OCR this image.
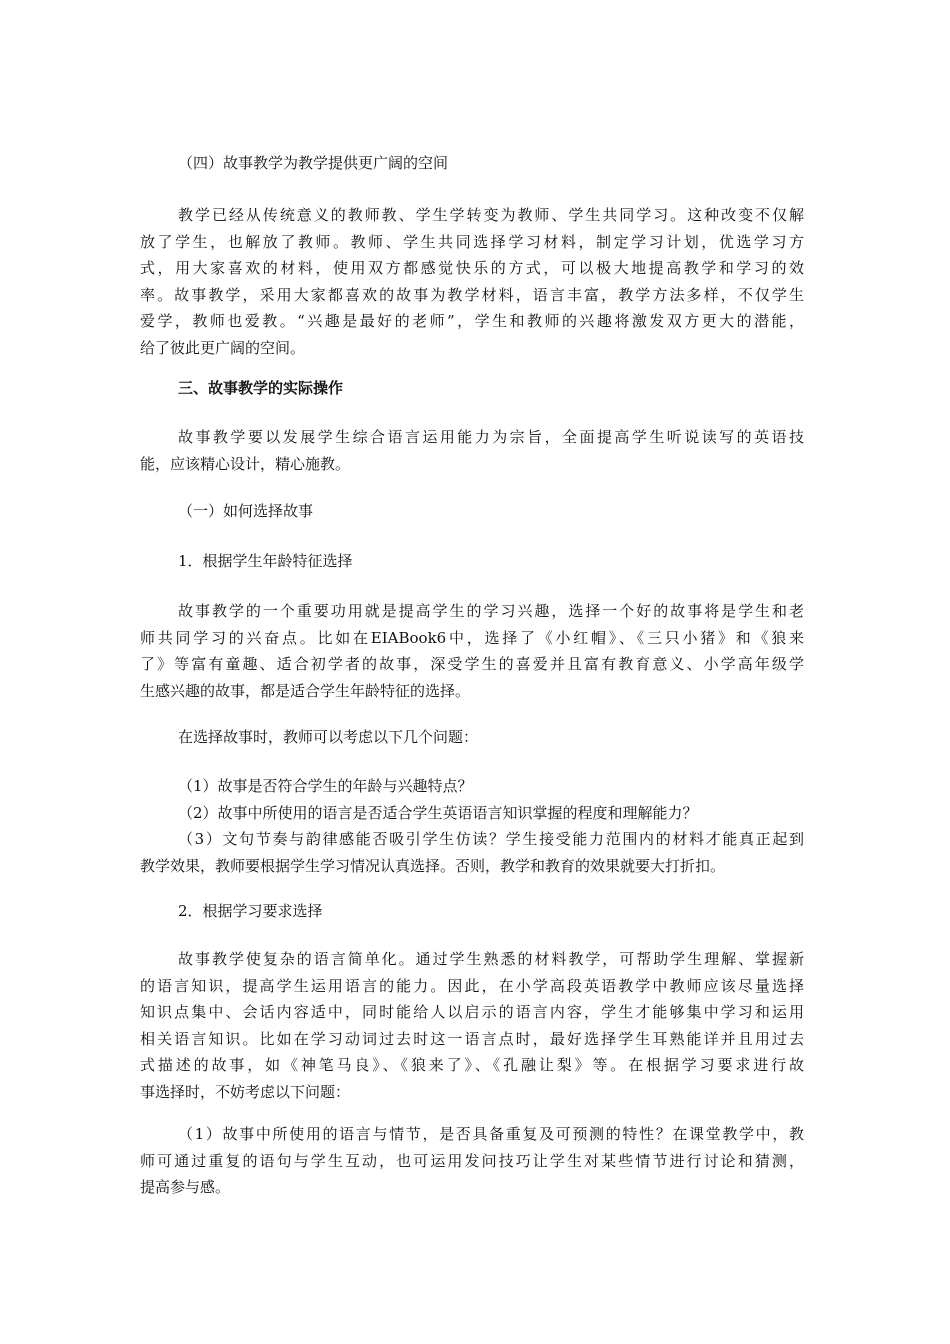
（四）故事教学为教学提供更广阔的空间
教学已经从传统意义的教师教、学生学转变为教师、学生共同学习。这种改变不仅解
放了学生，也解放了教师。教师、学生共同选择学习材料，制定学习计划，优选学习方
式，用大家喜欢的材料，使用双方都感觉快乐的方式，可以极大地提高教学和学习的效
率。故事教学，采用大家都喜欢的故事为教学材料，语言丰富，教学方法多样，不仅学生
爱学，教师也爱教。“兴趣是最好的老师”，学生和教师的兴趣将激发双方更大的潜能，
给了彼此更广阔的空间。
三、故事教学的实际操作
故事教学要以发展学生综合语言运用能力为宗旨，全面提高学生听说读写的英语技
能，应该精心设计，精心施教。
（一）如何选择故事
1．根据学生年龄特征选择
故事教学的一个重要功用就是提高学生的学习兴趣，选择一个好的故事将是学生和老
师共同学习的兴奋点。比如在EIABook6中，选择了《小红帽》、《三只小猪》和《狼来
了》等富有童趣、适合初学者的故事，深受学生的喜爱并且富有教育意义、小学高年级学
生感兴趣的故事，都是适合学生年龄特征的选择。
在选择故事时，教师可以考虑以下几个问题：
（1）故事是否符合学生的年龄与兴趣特点？
（2）故事中所使用的语言是否适合学生英语语言知识掌握的程度和理解能力？
（3）文句节奏与韵律感能否吸引学生仿读？学生接受能力范围内的材料才能真正起到
教学效果，教师要根据学生学习情况认真选择。否则，教学和教育的效果就要大打折扣。
2．根据学习要求选择
故事教学使复杂的语言简单化。通过学生熟悉的材料教学，可帮助学生理解、掌握新
的语言知识，提高学生运用语言的能力。因此，在小学高段英语教学中教师应该尽量选择
知识点集中、会话内容适中，同时能给人以启示的语言内容，学生才能够集中学习和运用
相关语言知识。比如在学习动词过去时这一语言点时，最好选择学生耳熟能详并且用过去
式描述的故事，如《神笔马良》、《狼来了》、《孔融让梨》等。在根据学习要求进行故
事选择时，不妨考虑以下问题：
（1）故事中所使用的语言与情节，是否具备重复及可预测的特性？在课堂教学中，教
师可通过重复的语句与学生互动，也可运用发问技巧让学生对某些情节进行讨论和猜测，
提高参与感。
